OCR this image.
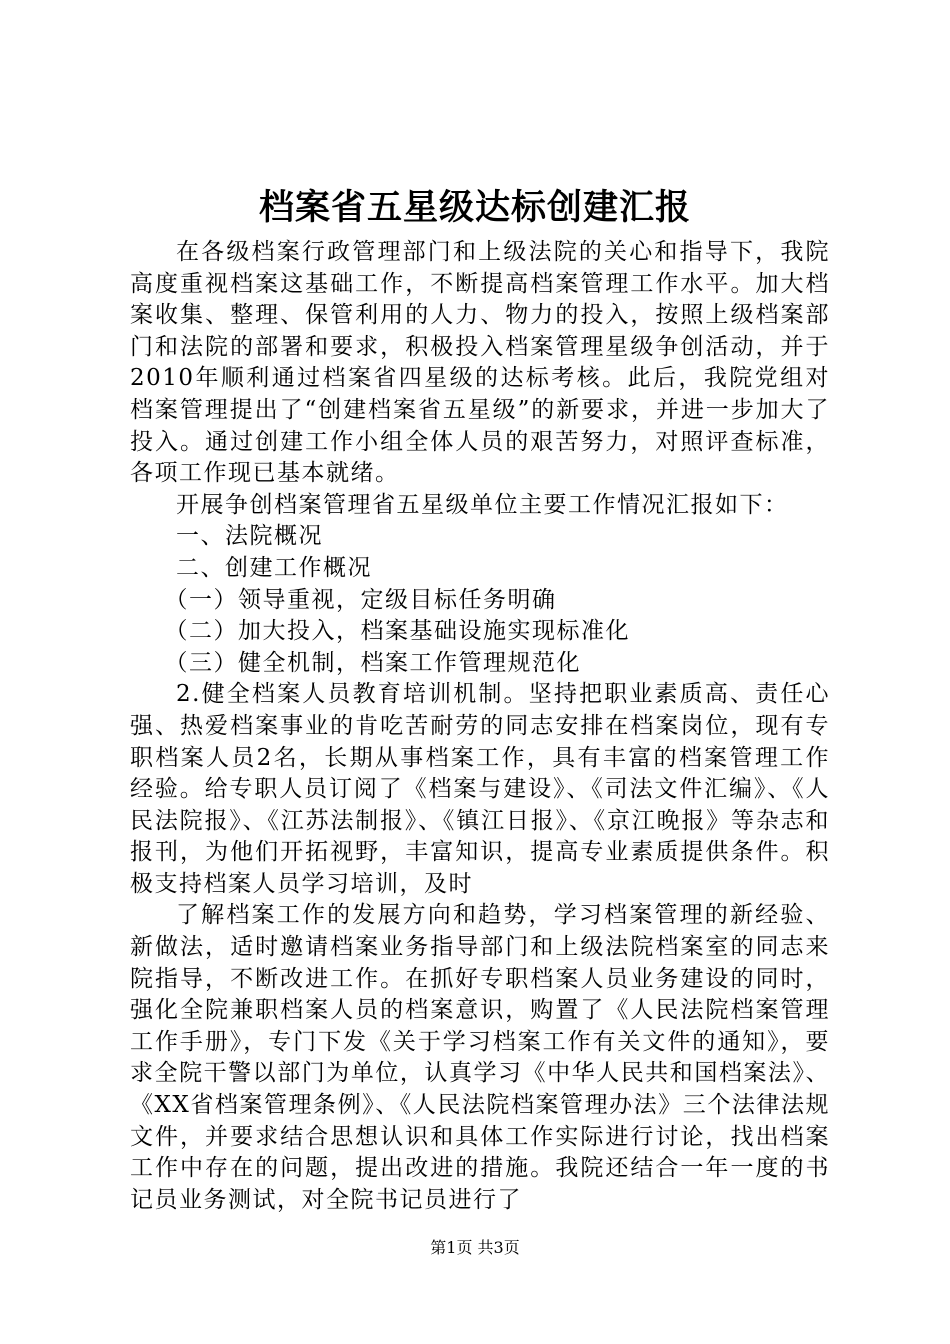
档案省五星级达标创建汇报

在各级档案行政管理部门和上级法院的关心和指导下，我院高度重视档案这基础工作，不断提高档案管理工作水平。加大档案收集、整理、保管利用的人力、物力的投入，按照上级档案部门和法院的部署和要求，积极投入档案管理星级争创活动，并于2010年顺利通过档案省四星级的达标考核。此后，我院党组对档案管理提出了“创建档案省五星级”的新要求，并进一步加大了投入。通过创建工作小组全体人员的艰苦努力，对照评查标准，各项工作现已基本就绪。

开展争创档案管理省五星级单位主要工作情况汇报如下：

一、法院概况

二、创建工作概况

（一）领导重视，定级目标任务明确

（二）加大投入，档案基础设施实现标准化

（三）健全机制，档案工作管理规范化

2.健全档案人员教育培训机制。坚持把职业素质高、责任心强、热爱档案事业的肯吃苦耐劳的同志安排在档案岗位，现有专职档案人员2名，长期从事档案工作，具有丰富的档案管理工作经验。给专职人员订阅了《档案与建设》、《司法文件汇编》、《人民法院报》、《江苏法制报》、《镇江日报》、《京江晚报》等杂志和报刊，为他们开拓视野，丰富知识，提高专业素质提供条件。积极支持档案人员学习培训，及时

了解档案工作的发展方向和趋势，学习档案管理的新经验、新做法，适时邀请档案业务指导部门和上级法院档案室的同志来院指导，不断改进工作。在抓好专职档案人员业务建设的同时，强化全院兼职档案人员的档案意识，购置了《人民法院档案管理工作手册》，专门下发《关于学习档案工作有关文件的通知》，要求全院干警以部门为单位，认真学习《中华人民共和国档案法》、《XX省档案管理条例》、《人民法院档案管理办法》三个法律法规文件，并要求结合思想认识和具体工作实际进行讨论，找出档案工作中存在的问题，提出改进的措施。我院还结合一年一度的书记员业务测试，对全院书记员进行了

第1页 共3页
